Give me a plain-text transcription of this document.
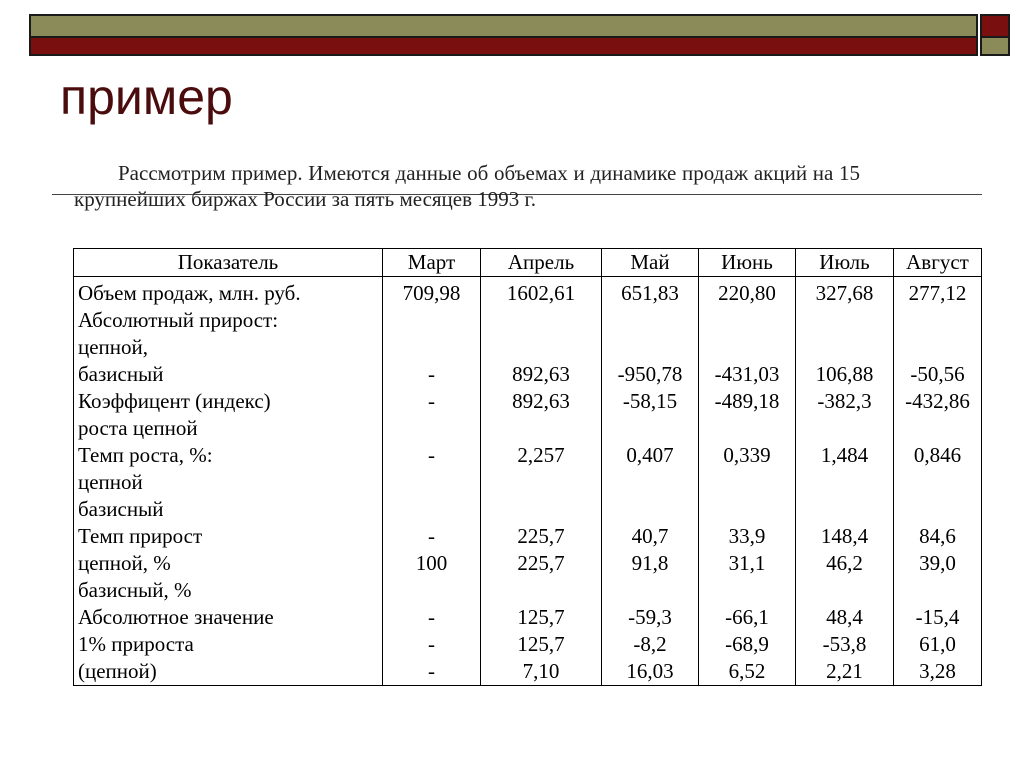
пример

Рассмотрим пример. Имеются данные об объемах и динамике продаж акций на 15 крупнейших биржах России за пять месяцев 1993 г.

Показатель	Март	Апрель	Май	Июнь	Июль	Август
Объем продаж, млн. руб.	709,98	1602,61	651,83	220,80	327,68	277,12
Абсолютный прирост:						
цепной,						
базисный	-	892,63	-950,78	-431,03	106,88	-50,56
Коэффицент (индекс)	-	892,63	-58,15	-489,18	-382,3	-432,86
роста цепной						
Темп роста, %:	-	2,257	0,407	0,339	1,484	0,846
цепной						
базисный						
Темп прирост	-	225,7	40,7	33,9	148,4	84,6
цепной, %	100	225,7	91,8	31,1	46,2	39,0
базисный, %						
Абсолютное значение	-	125,7	-59,3	-66,1	48,4	-15,4
1% прироста	-	125,7	-8,2	-68,9	-53,8	61,0
(цепной)	-	7,10	16,03	6,52	2,21	3,28
